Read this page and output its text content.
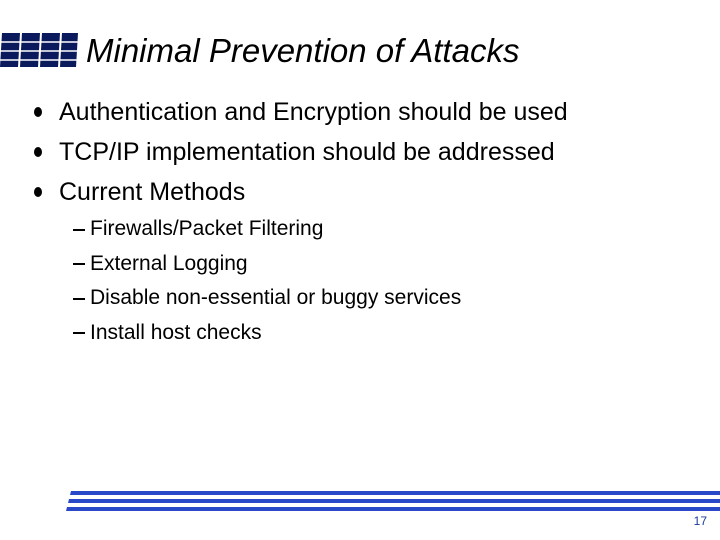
Minimal Prevention of Attacks
Authentication and Encryption should be used
TCP/IP implementation should be addressed
Current Methods
Firewalls/Packet Filtering
External Logging
Disable non-essential or buggy services
Install host checks
17
